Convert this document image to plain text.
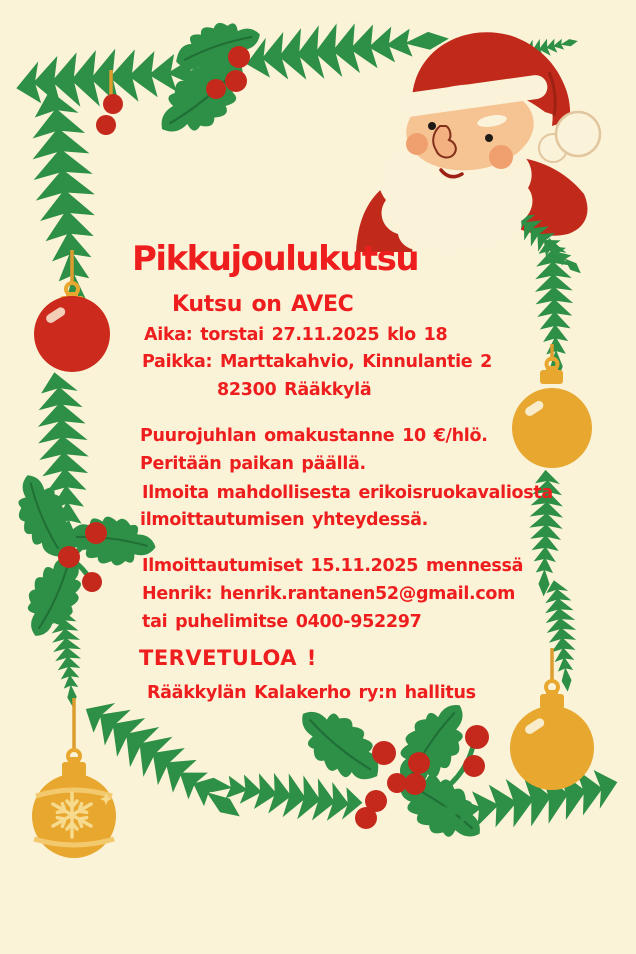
Pikkujoulukutsu
Kutsu on AVEC
Aika: torstai 27.11.2025 klo 18
Paikka: Marttakahvio, Kinnulantie 2
82300 Rääkkylä
Puurojuhlan omakustanne 10 €/hlö.
Peritään paikan päällä.
Ilmoita mahdollisesta erikoisruokavaliosta
ilmoittautumisen yhteydessä.
Ilmoittautumiset 15.11.2025 mennessä
Henrik: henrik.rantanen52@gmail.com
tai puhelimitse 0400-952297
TERVETULOA !
Rääkkylän Kalakerho ry:n hallitus
